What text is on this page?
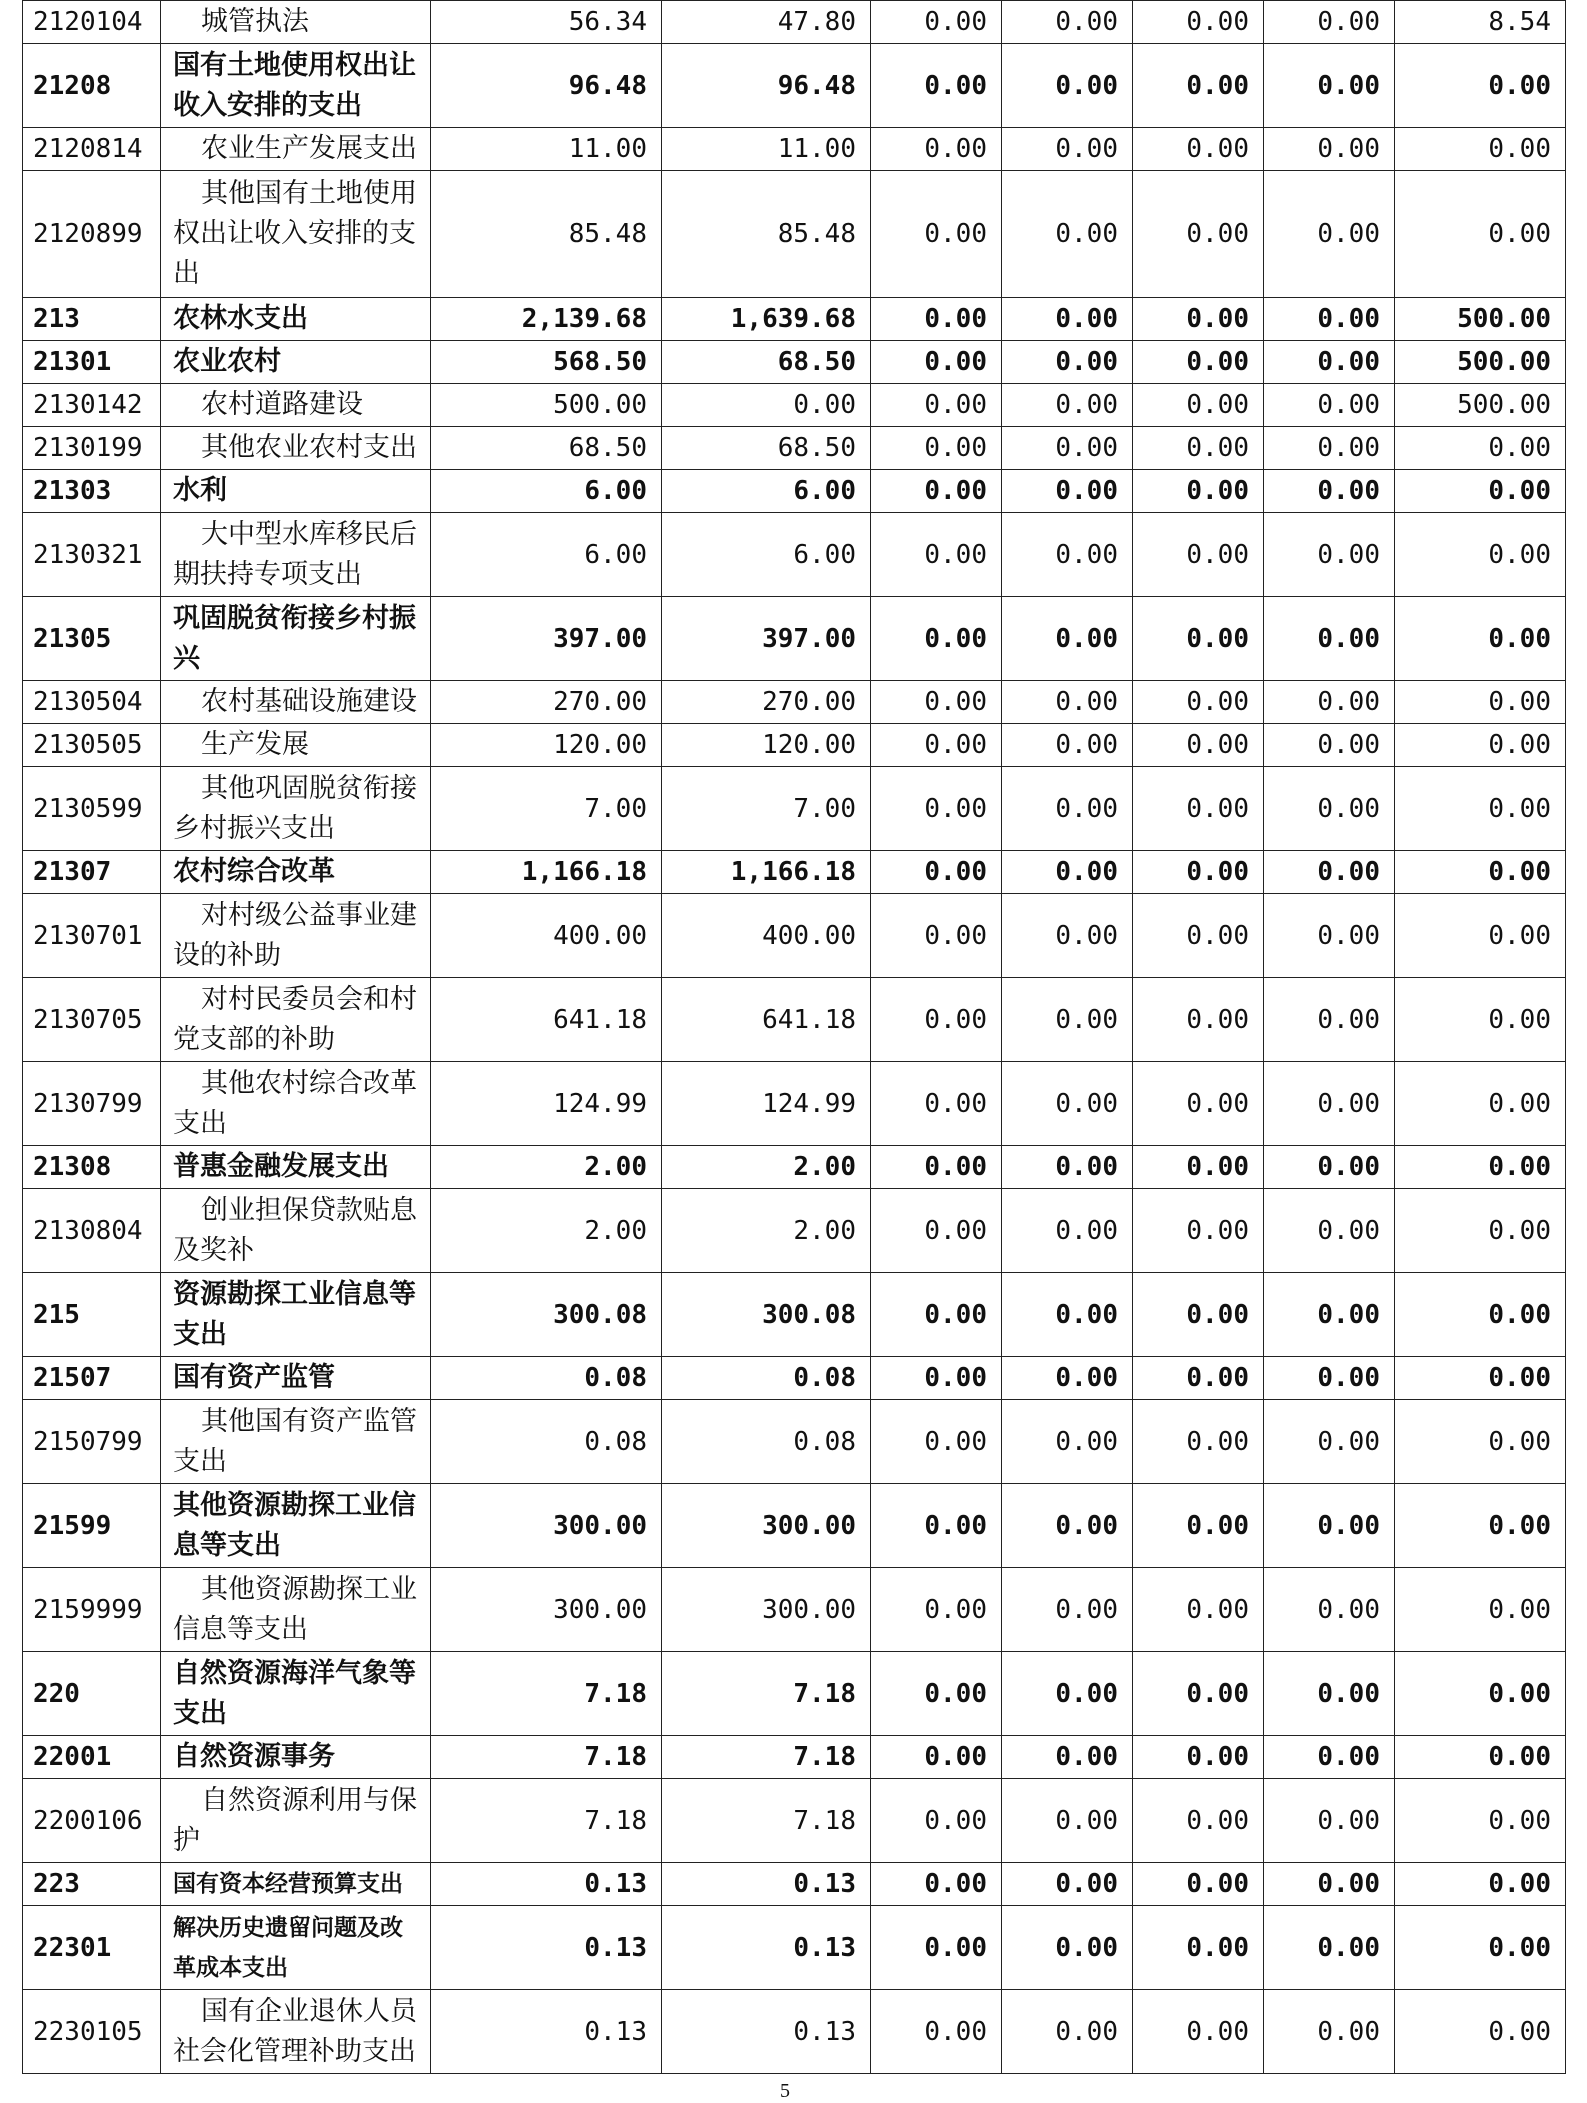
2120104	城管执法	56.34	47.80	0.00	0.00	0.00	0.00	8.54
21208	国有土地使用权出让收入安排的支出	96.48	96.48	0.00	0.00	0.00	0.00	0.00
2120814	农业生产发展支出	11.00	11.00	0.00	0.00	0.00	0.00	0.00
2120899	其他国有土地使用权出让收入安排的支出	85.48	85.48	0.00	0.00	0.00	0.00	0.00
213	农林水支出	2,139.68	1,639.68	0.00	0.00	0.00	0.00	500.00
21301	农业农村	568.50	68.50	0.00	0.00	0.00	0.00	500.00
2130142	农村道路建设	500.00	0.00	0.00	0.00	0.00	0.00	500.00
2130199	其他农业农村支出	68.50	68.50	0.00	0.00	0.00	0.00	0.00
21303	水利	6.00	6.00	0.00	0.00	0.00	0.00	0.00
2130321	大中型水库移民后期扶持专项支出	6.00	6.00	0.00	0.00	0.00	0.00	0.00
21305	巩固脱贫衔接乡村振兴	397.00	397.00	0.00	0.00	0.00	0.00	0.00
2130504	农村基础设施建设	270.00	270.00	0.00	0.00	0.00	0.00	0.00
2130505	生产发展	120.00	120.00	0.00	0.00	0.00	0.00	0.00
2130599	其他巩固脱贫衔接乡村振兴支出	7.00	7.00	0.00	0.00	0.00	0.00	0.00
21307	农村综合改革	1,166.18	1,166.18	0.00	0.00	0.00	0.00	0.00
2130701	对村级公益事业建设的补助	400.00	400.00	0.00	0.00	0.00	0.00	0.00
2130705	对村民委员会和村党支部的补助	641.18	641.18	0.00	0.00	0.00	0.00	0.00
2130799	其他农村综合改革支出	124.99	124.99	0.00	0.00	0.00	0.00	0.00
21308	普惠金融发展支出	2.00	2.00	0.00	0.00	0.00	0.00	0.00
2130804	创业担保贷款贴息及奖补	2.00	2.00	0.00	0.00	0.00	0.00	0.00
215	资源勘探工业信息等支出	300.08	300.08	0.00	0.00	0.00	0.00	0.00
21507	国有资产监管	0.08	0.08	0.00	0.00	0.00	0.00	0.00
2150799	其他国有资产监管支出	0.08	0.08	0.00	0.00	0.00	0.00	0.00
21599	其他资源勘探工业信息等支出	300.00	300.00	0.00	0.00	0.00	0.00	0.00
2159999	其他资源勘探工业信息等支出	300.00	300.00	0.00	0.00	0.00	0.00	0.00
220	自然资源海洋气象等支出	7.18	7.18	0.00	0.00	0.00	0.00	0.00
22001	自然资源事务	7.18	7.18	0.00	0.00	0.00	0.00	0.00
2200106	自然资源利用与保护	7.18	7.18	0.00	0.00	0.00	0.00	0.00
223	国有资本经营预算支出	0.13	0.13	0.00	0.00	0.00	0.00	0.00
22301	解决历史遗留问题及改革成本支出	0.13	0.13	0.00	0.00	0.00	0.00	0.00
2230105	国有企业退休人员社会化管理补助支出	0.13	0.13	0.00	0.00	0.00	0.00	0.00
5
